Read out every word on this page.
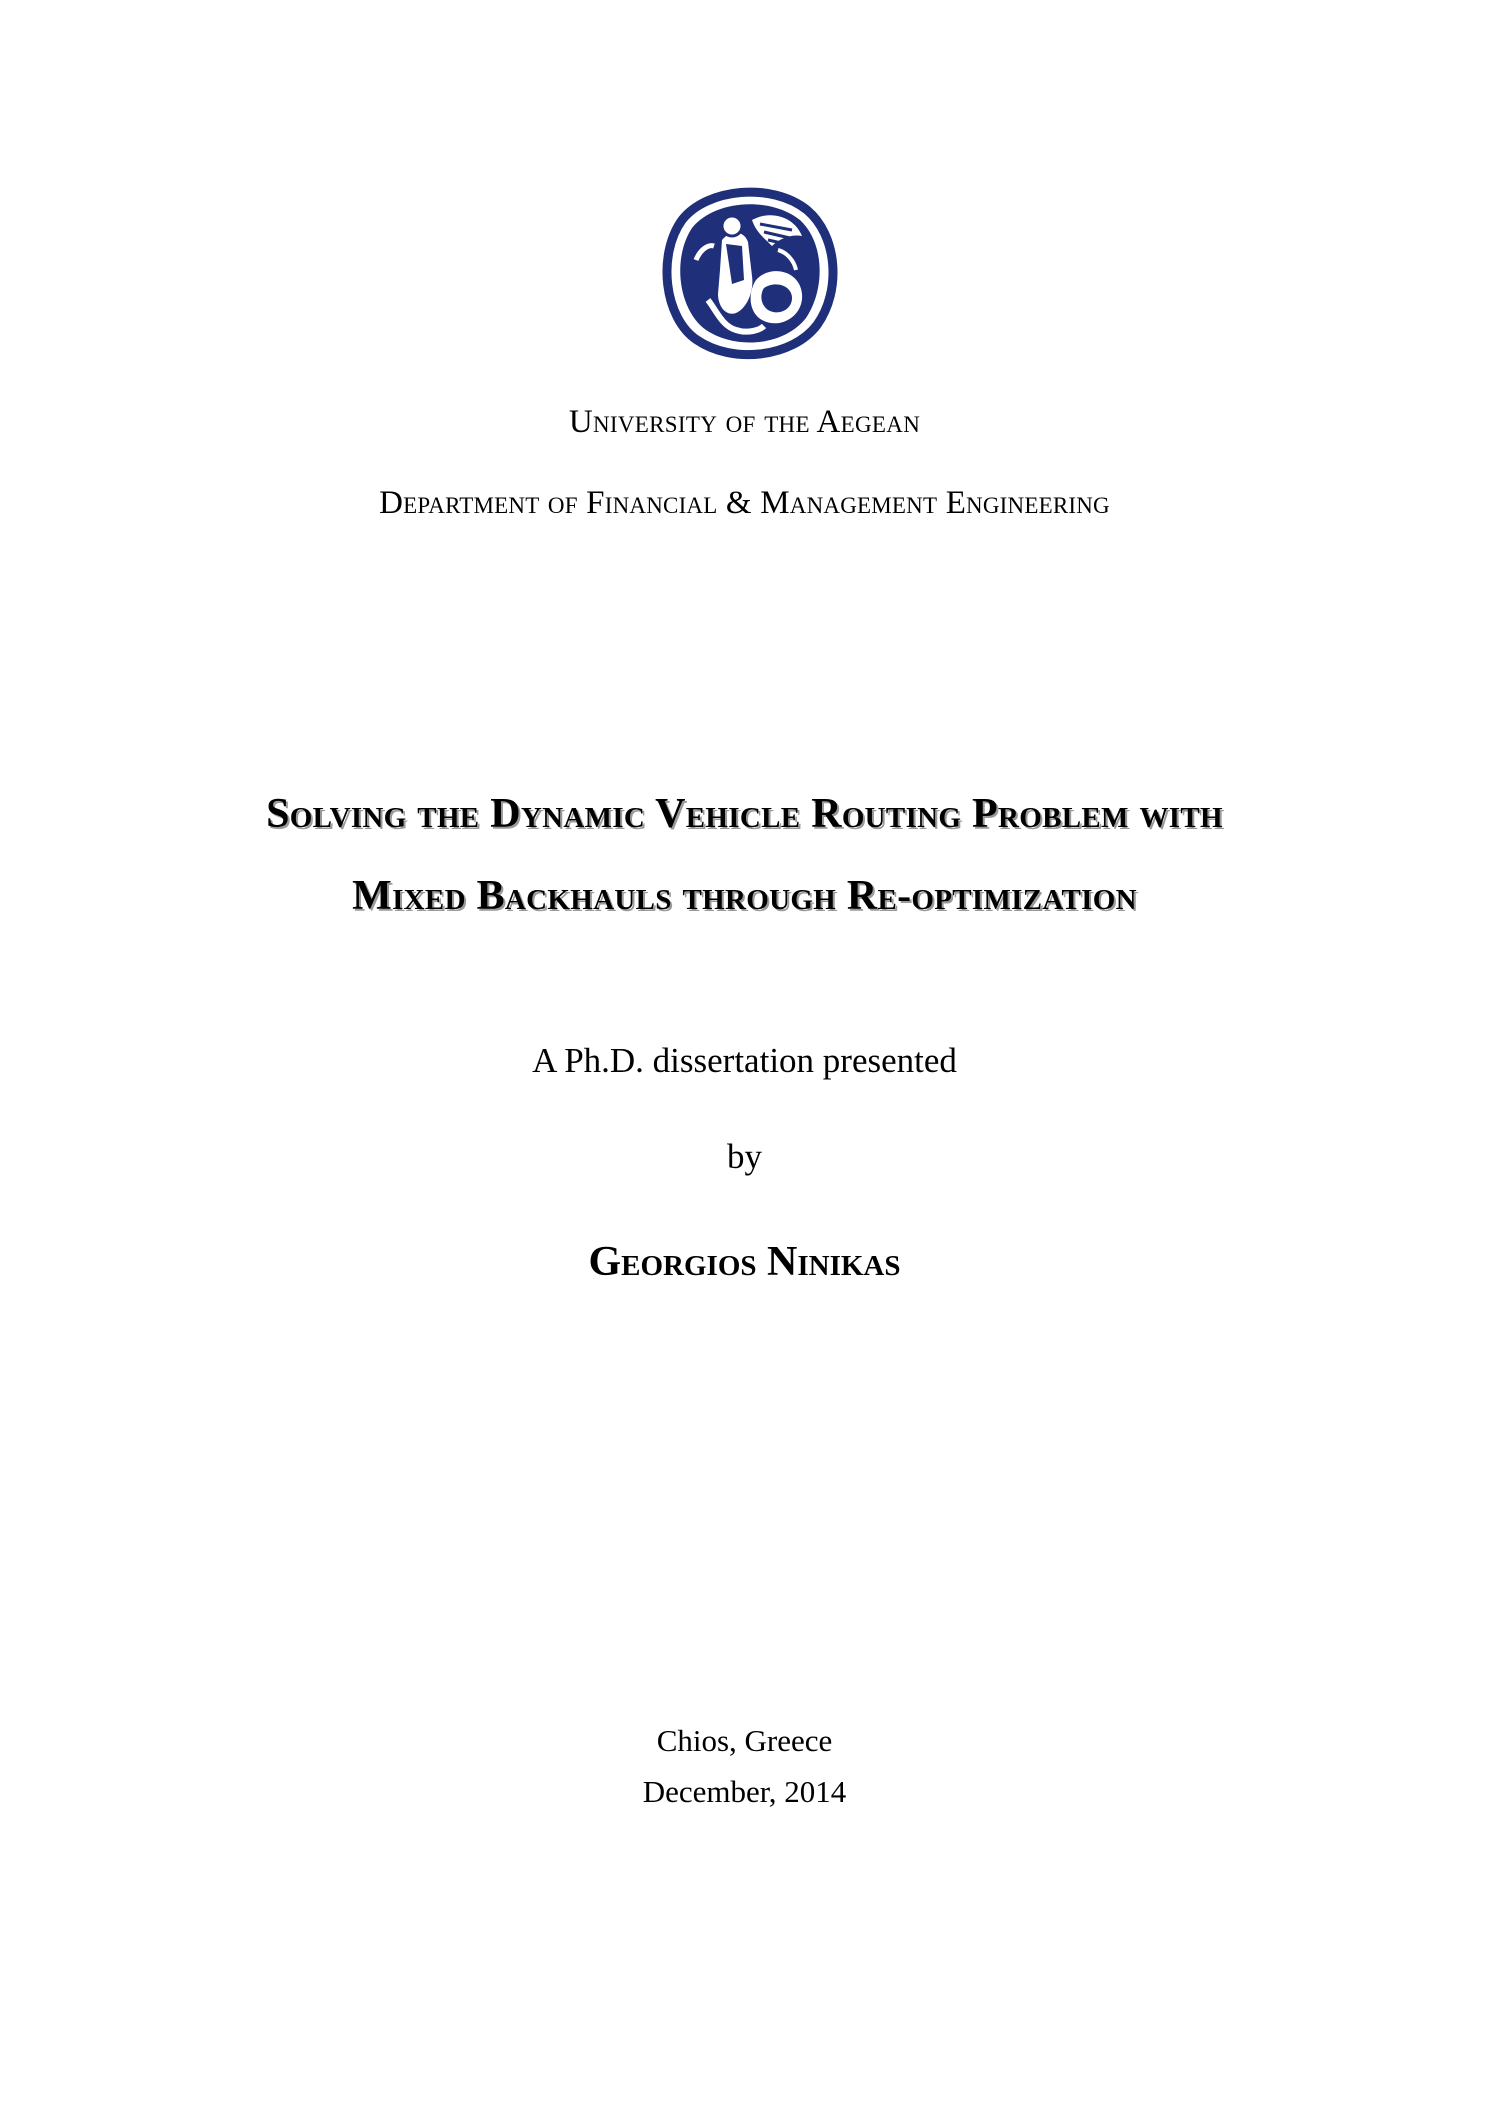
University of the Aegean
Department of Financial & Management Engineering
Solving the Dynamic Vehicle Routing Problem with
Mixed Backhauls through Re-optimization
A Ph.D. dissertation presented
by
Georgios Ninikas
Chios, Greece
December, 2014
